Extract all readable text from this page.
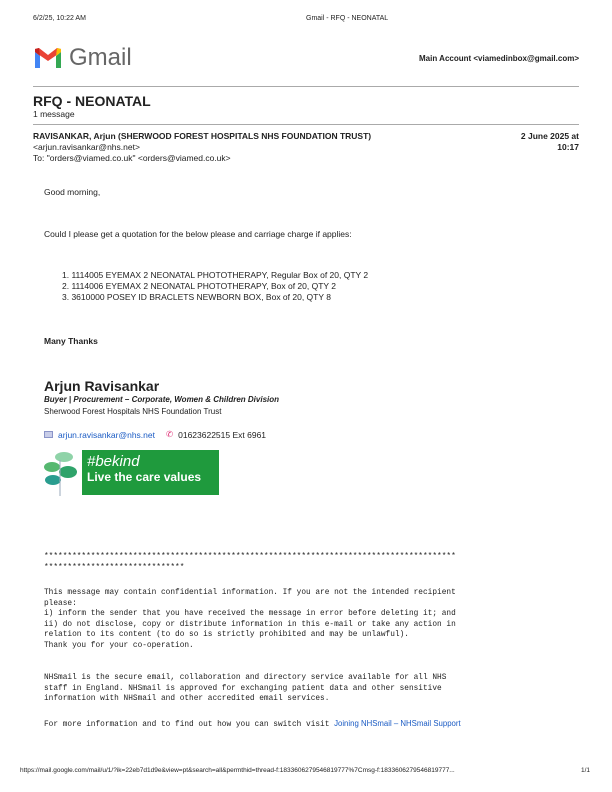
6/2/25, 10:22 AM	Gmail - RFQ - NEONATAL
Gmail	Main Account <viamedinbox@gmail.com>
RFQ - NEONATAL
1 message
RAVISANKAR, Arjun (SHERWOOD FOREST HOSPITALS NHS FOUNDATION TRUST)
<arjun.ravisankar@nhs.net>
To: "orders@viamed.co.uk" <orders@viamed.co.uk>
2 June 2025 at
10:17
Good morning,
Could I please get a quotation for the below please and carriage charge if applies:
1. 1114005 EYEMAX 2 NEONATAL PHOTOTHERAPY, Regular Box of 20, QTY 2
2. 1114006 EYEMAX 2 NEONATAL PHOTOTHERAPY, Box of 20, QTY 2
3. 3610000 POSEY ID BRACLETS NEWBORN BOX, Box of 20, QTY 8
Many Thanks
Arjun Ravisankar
Buyer | Procurement – Corporate, Women & Children Division
Sherwood Forest Hospitals NHS Foundation Trust
arjun.ravisankar@nhs.net ✆ 01623622515 Ext 6961
#bekind
Live the care values
****************************************************************************************
******************************
This message may contain confidential information. If you are not the intended recipient
please:
i) inform the sender that you have received the message in error before deleting it; and
ii) do not disclose, copy or distribute information in this e-mail or take any action in
relation to its content (to do so is strictly prohibited and may be unlawful).
Thank you for your co-operation.
NHSmail is the secure email, collaboration and directory service available for all NHS
staff in England. NHSmail is approved for exchanging patient data and other sensitive
information with NHSmail and other accredited email services.
For more information and to find out how you can switch visit Joining NHSmail – NHSmail Support
https://mail.google.com/mail/u/1/?ik=22eb7d1d9e&view=pt&search=all&permthid=thread-f:1833606279546819777%7Cmsg-f:1833606279546819777...	1/1
